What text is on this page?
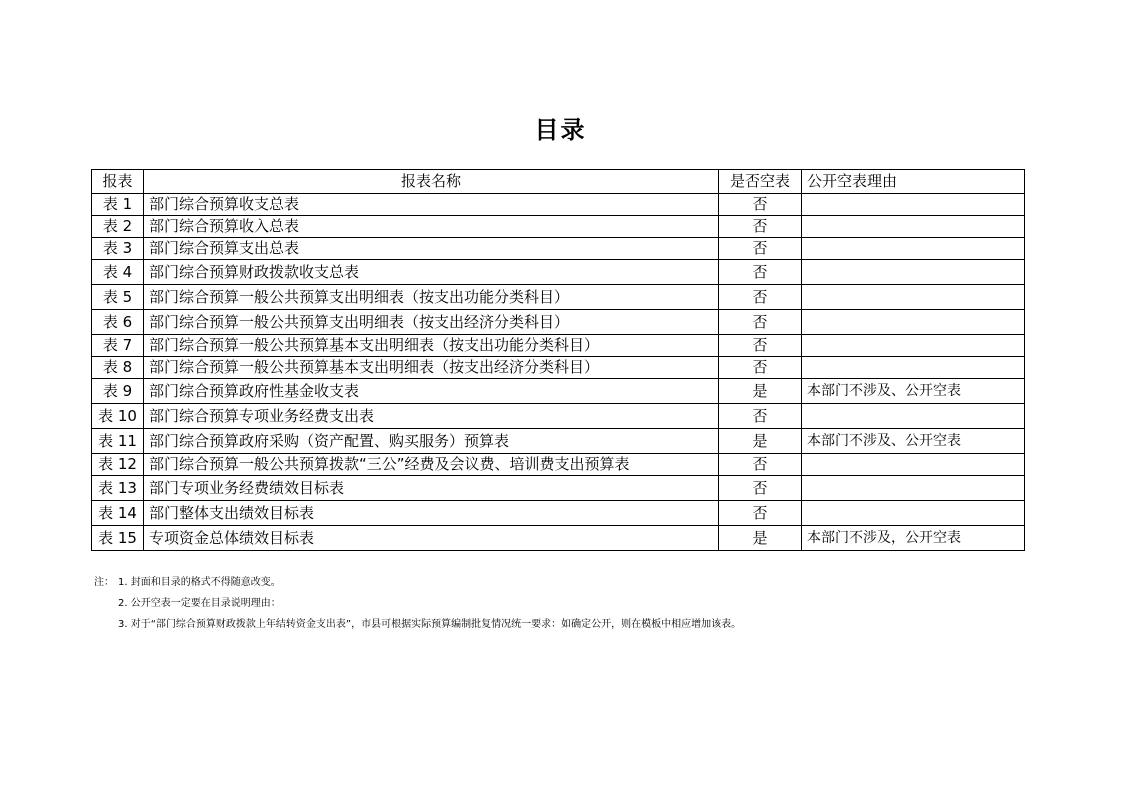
目录
报表	报表名称	是否空表	公开空表理由
表 1	部门综合预算收支总表	否	
表 2	部门综合预算收入总表	否	
表 3	部门综合预算支出总表	否	
表 4	部门综合预算财政拨款收支总表	否	
表 5	部门综合预算一般公共预算支出明细表（按支出功能分类科目）	否	
表 6	部门综合预算一般公共预算支出明细表（按支出经济分类科目）	否	
表 7	部门综合预算一般公共预算基本支出明细表（按支出功能分类科目）	否	
表 8	部门综合预算一般公共预算基本支出明细表（按支出经济分类科目）	否	
表 9	部门综合预算政府性基金收支表	是	本部门不涉及、公开空表
表 10	部门综合预算专项业务经费支出表	否	
表 11	部门综合预算政府采购（资产配置、购买服务）预算表	是	本部门不涉及、公开空表
表 12	部门综合预算一般公共预算拨款“三公”经费及会议费、培训费支出预算表	否	
表 13	部门专项业务经费绩效目标表	否	
表 14	部门整体支出绩效目标表	否	
表 15	专项资金总体绩效目标表	是	本部门不涉及，公开空表
注： 1. 封面和目录的格式不得随意改变。
2. 公开空表一定要在目录说明理由：
3. 对于“部门综合预算财政拨款上年结转资金支出表”，市县可根据实际预算编制批复情况统一要求：如确定公开，则在模板中相应增加该表。
